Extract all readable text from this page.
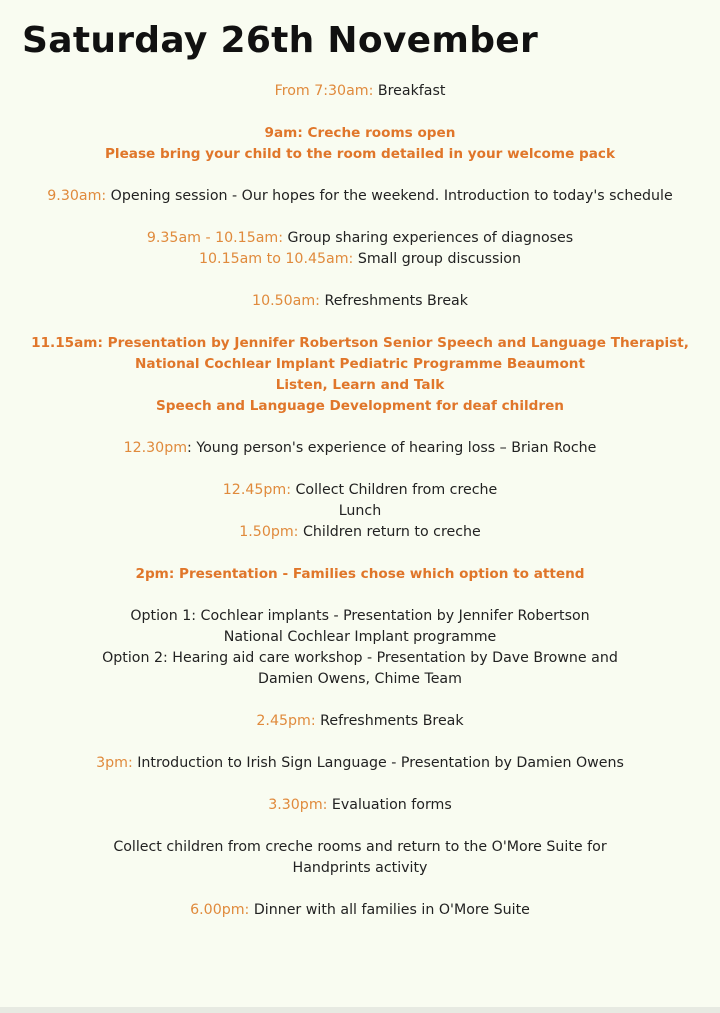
Saturday 26th November
From 7:30am: Breakfast
9am: Creche rooms open
Please bring your child to the room detailed in your welcome pack
9.30am: Opening session - Our hopes for the weekend. Introduction to today's schedule
9.35am - 10.15am: Group sharing experiences of diagnoses
10.15am to 10.45am: Small group discussion
10.50am: Refreshments Break
11.15am: Presentation by Jennifer Robertson Senior Speech and Language Therapist,
National Cochlear Implant Pediatric Programme Beaumont
Listen, Learn and Talk
Speech and Language Development for deaf children
12.30pm: Young person's experience of hearing loss – Brian Roche
12.45pm: Collect Children from creche
Lunch
1.50pm: Children return to creche
2pm: Presentation - Families chose which option to attend
Option 1: Cochlear implants - Presentation by Jennifer Robertson
National Cochlear Implant programme
Option 2: Hearing aid care workshop - Presentation by Dave Browne and
Damien Owens, Chime Team
2.45pm: Refreshments Break
3pm: Introduction to Irish Sign Language - Presentation by Damien Owens
3.30pm: Evaluation forms
Collect children from creche rooms and return to the O'More Suite for
Handprints activity
6.00pm: Dinner with all families in O'More Suite
